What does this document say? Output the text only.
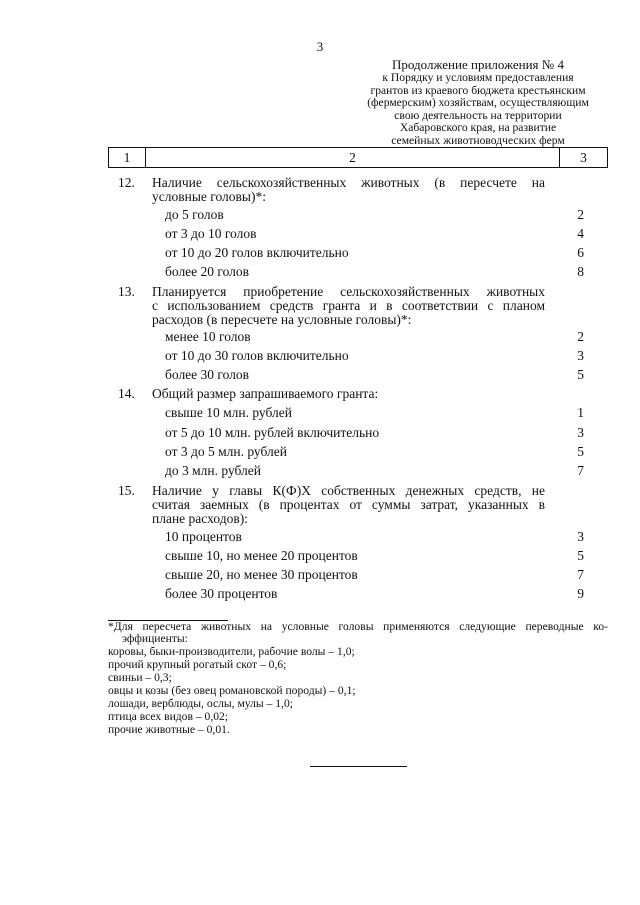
3
Продолжение приложения № 4
к Порядку и условиям предоставления
грантов из краевого бюджета крестьянским
(фермерским) хозяйствам, осуществляющим
свою деятельность на территории
Хабаровского края, на развитие
семейных животноводческих ферм
1	2	3
12. Наличие сельскохозяйственных животных (в пересчете на
условные головы)*:
до 5 голов	2
от 3 до 10 голов	4
от 10 до 20 голов включительно	6
более 20 голов	8
13. Планируется приобретение сельскохозяйственных животных
с использованием средств гранта и в соответствии с планом
расходов (в пересчете на условные головы)*:
менее 10 голов	2
от 10 до 30 голов включительно	3
более 30 голов	5
14. Общий размер запрашиваемого гранта:
свыше 10 млн. рублей	1
от 5 до 10 млн. рублей включительно	3
от 3 до 5 млн. рублей	5
до 3 млн. рублей	7
15. Наличие у главы К(Ф)Х собственных денежных средств, не
считая заемных (в процентах от суммы затрат, указанных в
плане расходов):
10 процентов	3
свыше 10, но менее 20 процентов	5
свыше 20, но менее 30 процентов	7
более 30 процентов	9
*Для пересчета животных на условные головы применяются следующие переводные ко-
эффициенты:
коровы, быки-производители, рабочие волы – 1,0;
прочий крупный рогатый скот – 0,6;
свиньи – 0,3;
овцы и козы (без овец романовской породы) – 0,1;
лошади, верблюды, ослы, мулы – 1,0;
птица всех видов – 0,02;
прочие животные – 0,01.
